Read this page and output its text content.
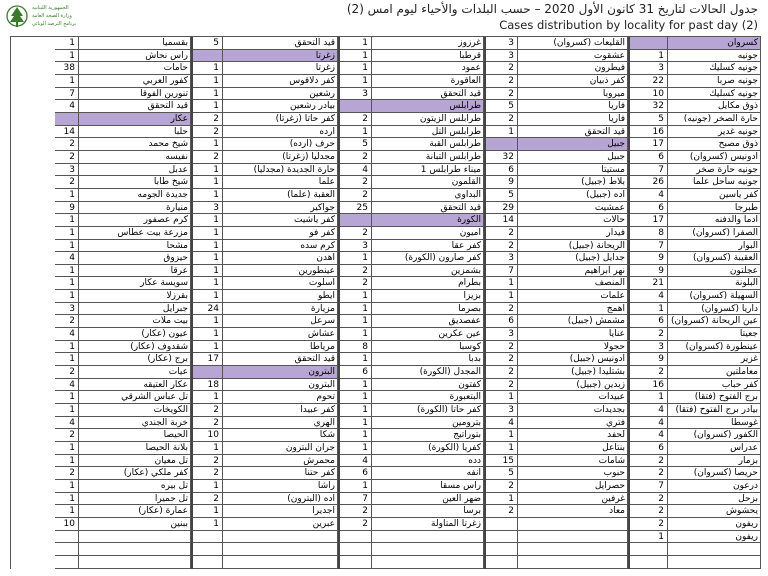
الجمهورية اللبنانية
وزارة الصحة العامة
برنامج الترصد الوبائي
جدول الحالات لتاريخ 31 كانون الأول 2020 – حسب البلدات والأحياء ليوم امس (2)
Cases distribution by locality for past day (2)
كسروان
جونيه
جونيه كسليك
جونيه صربا
جونيه كسليك
ذوق مكايل
حارة الصخر (جونيه)
جونيه غدير
ذوق مصبح
ادونيس (كسروان)
جونيه حارة صخر
جونيه ساحل علما
كفر ياسين
طبرجا
ادما والدفنه
الصفرا (كسروان)
البوار
العقيبة (كسروان)
عجلتون
البلونة
السهيلة (كسروان)
داريا (كسروان)
عين الريحانة (كسروان)
جعيتا
عينطورة (كسروان)
غزير
معاملتين
كفر حباب
برج الفتوح (فتقا)
بيادر برج الفتوح (فتقا)
غوسطا
الكفور (كسروان)
عدراس
بزمار
حريصا (كسروان)
درعون
بزحل
يحشوش
ريفون
ريفون
1
3
22
10
32
5
16
17
6
7
26
4
6
17
8
7
9
9
21
4
1
6
2
3
9
2
16
1
4
4
4
6
2
2
7
2
2
2
1
القليعات (كسروان)
عشقوت
فيطرون
كفر ذبيان
ميروبا
فاريا
فاريا
قيد التحقق
جبيل
جبيل
مستيتا
بلاط (جبيل)
اده (جبيل)
عمشيت
حالات
فيدار
الريحانة (جبيل)
جدايل (جبيل)
نهر ابراهيم
المنصف
علمات
اهمج
مشمش (جبيل)
عنايا
حجولا
ادونيس (جبيل)
بشتليدا (جبيل)
زبدين (جبيل)
عبيدات
بجديدات
فتري
لحفد
بنتاعل
شامات
حبوب
حصرايل
غرفين
معاد
3
3
2
2
2
5
2
1
32
6
9
5
29
14
2
2
3
7
1
1
2
6
3
2
2
2
2
1
3
4
1
1
15
5
2
1
2
غرزوز
قرطبا
عمود
العاقورة
قيد التحقق
طرابلس
طرابلس الزيتون
طرابلس التل
طرابلس القبة
طرابلس التبانة
ميناء طرابلس 1
القلمون
البداوي
قيد التحقق
الكورة
اميون
كفر عقا
كفر صارون (الكورة)
بشمزين
بطرام
بزيزا
بصرما
عفصديق
عين عكرين
كوسبا
بدبا
المجدل (الكورة)
كفتون
البتعبورة
كفر حاتا (الكورة)
بترومين
بتوراتيج
كفريا (الكورة)
دده
انفه
راس مسقا
ضهر العين
برسا
زغرتا المتاولة
1
1
1
1
3
2
1
5
2
4
2
2
25
2
3
1
2
2
1
1
1
1
8
1
6
1
1
1
1
1
1
4
6
1
7
2
2
قيد التحقق
زغرتا
زغرتا
كفر دلاقوس
رشعين
بيادر رشعين
كفر حاتا (زغرتا)
ارده
حرف (ارده)
مجدليا (زغرتا)
حارة الجديدة (مجدليا)
علما
العقبة (علما)
جواكير
كفر ياشيت
كفر فو
كرم سده
اهدن
عينطورين
اسلوت
ايطو
مزيارة
سرعل
عشاش
مرياطا
قيد التحقق
البترون
البترون
تحوم
كفر عبيدا
الهري
شكا
جران البترون
محمرش
كفر حتنا
راشا
اده (البترون)
اجديرا
عبرين
5
1
1
1
1
2
2
1
2
1
1
1
3
1
1
1
1
1
1
1
24
1
1
1
17
18
1
2
2
10
1
2
2
1
2
1
1
بقسميا
راس نحاش
حامات
كفور العربي
تنورين الفوقا
قيد التحقق
عكار
حلبا
شيخ محمد
نفيسه
عدبل
شيخ طابا
جديدة الجومه
منيارة
كرم عصفور
مزرعة بيت عطاس
مشحا
حيزوق
عرقا
سويسة عكار
بقرزلا
جبرايل
بيت ملات
عيون (عكار)
شقدوف (عكار)
برج (عكار)
عيات
عكار العتيقه
تل عباس الشرقي
الكويخات
خربة الجندي
الحيصا
بلانة الحيصا
تل معيان
كفر ملكي (عكار)
تل بيره
تل حميرا
عمارة (عكار)
ببنين
1
1
38
1
7
4
14
2
2
3
2
1
9
1
1
1
4
1
1
1
3
2
4
1
1
2
4
1
1
4
2
1
1
2
1
1
1
10
